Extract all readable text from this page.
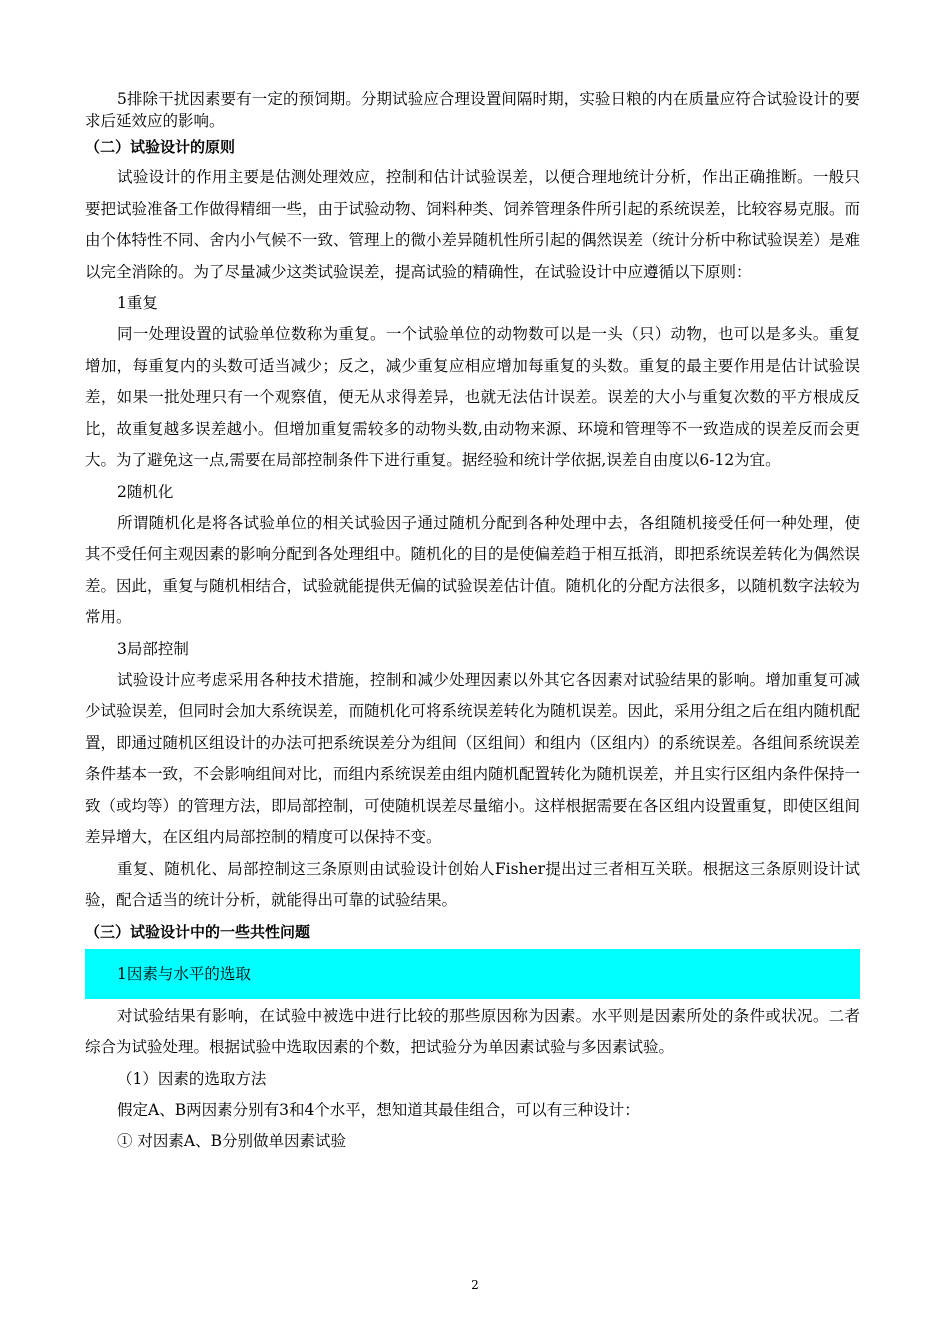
5排除干扰因素要有一定的预饲期。分期试验应合理设置间隔时期，实验日粮的内在质量应符合试验设计的要求后延效应的影响。

（二）试验设计的原则

试验设计的作用主要是估测处理效应，控制和估计试验误差，以便合理地统计分析，作出正确推断。一般只要把试验准备工作做得精细一些，由于试验动物、饲料种类、饲养管理条件所引起的系统误差，比较容易克服。而由个体特性不同、舍内小气候不一致、管理上的微小差异随机性所引起的偶然误差（统计分析中称试验误差）是难以完全消除的。为了尽量减少这类试验误差，提高试验的精确性，在试验设计中应遵循以下原则：

1重复

同一处理设置的试验单位数称为重复。一个试验单位的动物数可以是一头（只）动物，也可以是多头。重复增加，每重复内的头数可适当减少；反之，减少重复应相应增加每重复的头数。重复的最主要作用是估计试验误差，如果一批处理只有一个观察值，便无从求得差异，也就无法估计误差。误差的大小与重复次数的平方根成反比，故重复越多误差越小。但增加重复需较多的动物头数,由动物来源、环境和管理等不一致造成的误差反而会更大。为了避免这一点,需要在局部控制条件下进行重复。据经验和统计学依据,误差自由度以6-12为宜。

2随机化

所谓随机化是将各试验单位的相关试验因子通过随机分配到各种处理中去，各组随机接受任何一种处理，使其不受任何主观因素的影响分配到各处理组中。随机化的目的是使偏差趋于相互抵消，即把系统误差转化为偶然误差。因此，重复与随机相结合，试验就能提供无偏的试验误差估计值。随机化的分配方法很多，以随机数字法较为常用。

3局部控制

试验设计应考虑采用各种技术措施，控制和减少处理因素以外其它各因素对试验结果的影响。增加重复可减少试验误差，但同时会加大系统误差，而随机化可将系统误差转化为随机误差。因此，采用分组之后在组内随机配置，即通过随机区组设计的办法可把系统误差分为组间（区组间）和组内（区组内）的系统误差。各组间系统误差条件基本一致，不会影响组间对比，而组内系统误差由组内随机配置转化为随机误差，并且实行区组内条件保持一致（或均等）的管理方法，即局部控制，可使随机误差尽量缩小。这样根据需要在各区组内设置重复，即使区组间差异增大，在区组内局部控制的精度可以保持不变。

重复、随机化、局部控制这三条原则由试验设计创始人Fisher提出过三者相互关联。根据这三条原则设计试验，配合适当的统计分析，就能得出可靠的试验结果。

（三）试验设计中的一些共性问题

1因素与水平的选取

对试验结果有影响，在试验中被选中进行比较的那些原因称为因素。水平则是因素所处的条件或状况。二者综合为试验处理。根据试验中选取因素的个数，把试验分为单因素试验与多因素试验。

（1）因素的选取方法

假定A、B两因素分别有3和4个水平，想知道其最佳组合，可以有三种设计：

① 对因素A、B分别做单因素试验

2
